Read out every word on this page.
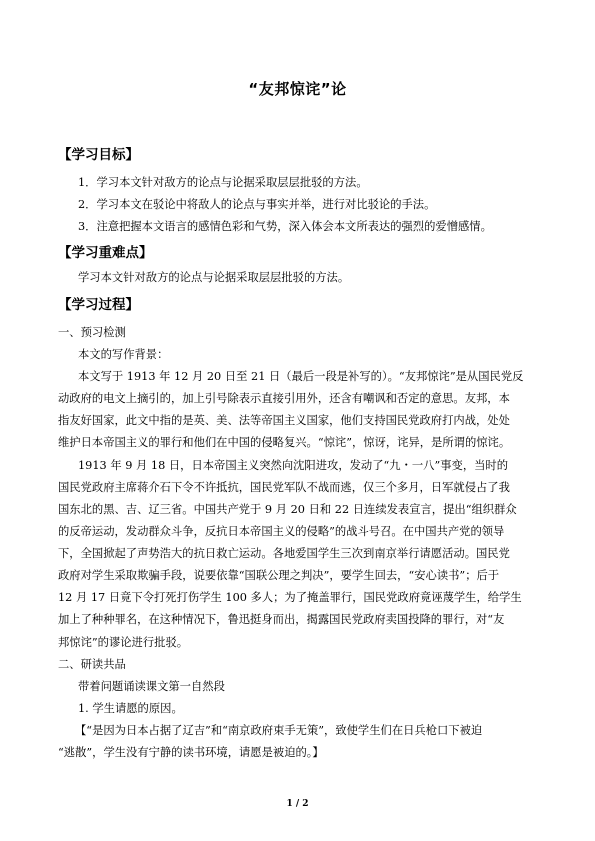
“友邦惊诧”论
【学习目标】
1．学习本文针对敌方的论点与论据采取层层批驳的方法。
2．学习本文在驳论中将敌人的论点与事实并举，进行对比驳论的手法。
3．注意把握本文语言的感情色彩和气势，深入体会本文所表达的强烈的爱憎感情。
【学习重难点】
学习本文针对敌方的论点与论据采取层层批驳的方法。
【学习过程】
一、预习检测
本文的写作背景：
本文写于 1913 年 12 月 20 日至 21 日（最后一段是补写的）。“友邦惊诧”是从国民党反
动政府的电文上摘引的，加上引号除表示直接引用外，还含有嘲讽和否定的意思。友邦，本
指友好国家，此文中指的是英、美、法等帝国主义国家，他们支持国民党政府打内战，处处
维护日本帝国主义的罪行和他们在中国的侵略复兴。“惊诧”，惊讶，诧异，是所谓的惊诧。
1913 年 9 月 18 日，日本帝国主义突然向沈阳进攻，发动了“九・一八”事变，当时的
国民党政府主席蒋介石下令不许抵抗，国民党军队不战而逃，仅三个多月，日军就侵占了我
国东北的黑、吉、辽三省。中国共产党于 9 月 20 日和 22 日连续发表宣言，提出“组织群众
的反帝运动，发动群众斗争，反抗日本帝国主义的侵略”的战斗号召。在中国共产党的领导
下，全国掀起了声势浩大的抗日救亡运动。各地爱国学生三次到南京举行请愿活动。国民党
政府对学生采取欺骗手段，说要依靠“国联公理之判决”，要学生回去，“安心读书”；后于
12 月 17 日竟下令打死打伤学生 100 多人；为了掩盖罪行，国民党政府竟诬蔑学生，给学生
加上了种种罪名，在这种情况下，鲁迅挺身而出，揭露国民党政府卖国投降的罪行，对“友
邦惊诧”的谬论进行批驳。
二、研读共品
带着问题诵读课文第一自然段
1. 学生请愿的原因。
【“是因为日本占据了辽吉”和“南京政府束手无策”，致使学生们在日兵枪口下被迫
“逃散”，学生没有宁静的读书环境，请愿是被迫的。】
1 / 2
